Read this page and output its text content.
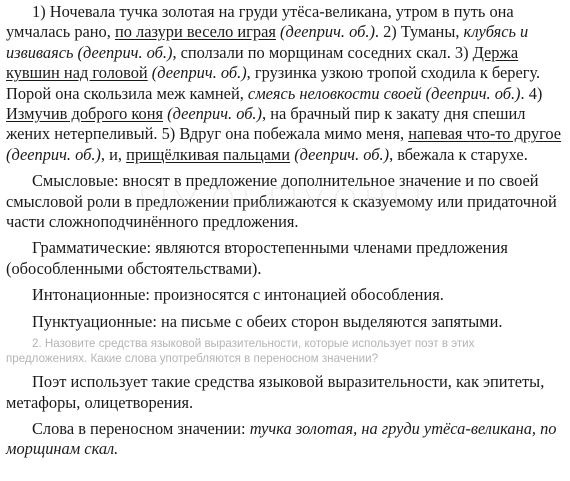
1) Ночевала тучка золотая на груди утёса-великана, утром в путь она умчалась рано, по лазури весело играя (дееприч. об.). 2) Туманы, клубясь и извиваясь (дееприч. об.), сползали по морщинам соседних скал. 3) Держа кувшин над головой (дееприч. об.), грузинка узкою тропой сходила к берегу. Порой она скользила меж камней, смеясь неловкости своей (дееприч. об.). 4) Измучив доброго коня (дееприч. об.), на брачный пир к закату дня спешил жених нетерпеливый. 5) Вдруг она побежала мимо меня, напевая что-то другое (дееприч. об.), и, прищёлкивая пальцами (дееприч. об.), вбежала к старухе.

Смысловые: вносят в предложение дополнительное значение и по своей смысловой роли в предложении приближаются к сказуемому или придаточной части сложноподчинённого предложения.

Грамматические: являются второстепенными членами предложения (обособленными обстоятельствами).

Интонационные: произносятся с интонацией обособления.

Пунктуационные: на письме с обеих сторон выделяются запятыми.

2. Назовите средства языковой выразительности, которые использует поэт в этих
предложениях. Какие слова употребляются в переносном значении?

Поэт использует такие средства языковой выразительности, как эпитеты, метафоры, олицетворения.

Слова в переносном значении: тучка золотая, на груди утёса-великана, по морщинам скал.
